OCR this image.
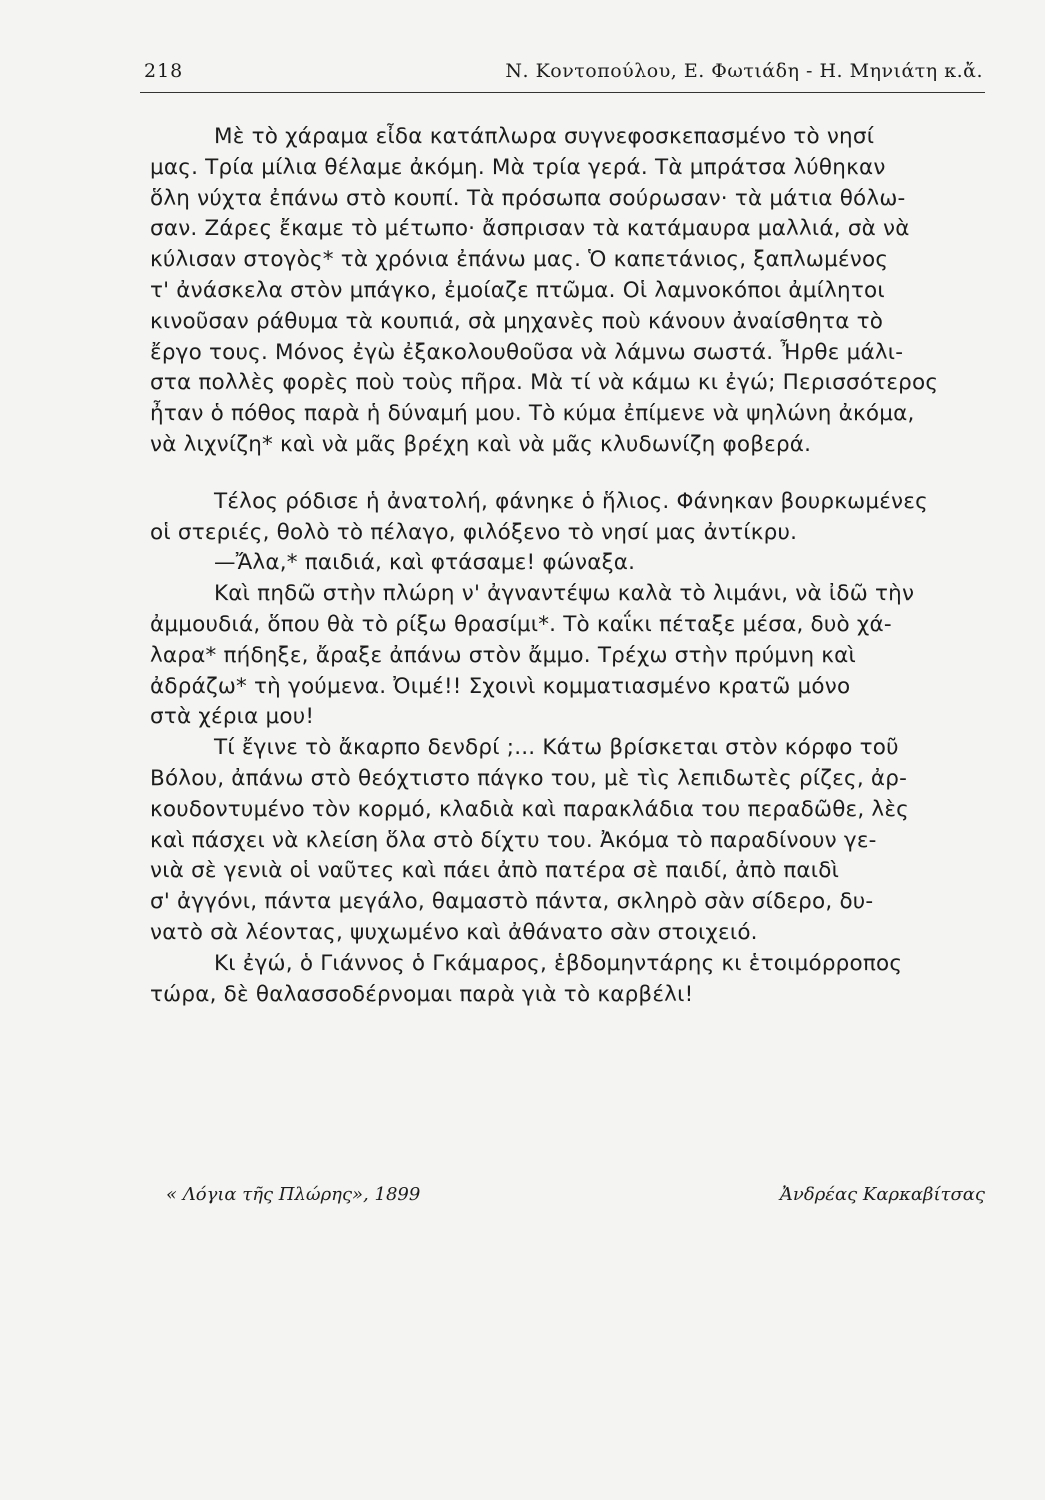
218	Ν. Κοντοπούλου, Ε. Φωτιάδη - Η. Μηνιάτη κ.ἄ.
Μὲ τὸ χάραμα εἶδα κατάπλωρα συγνεφοσκεπασμένο τὸ νησί
μας. Τρία μίλια θέλαμε ἀκόμη. Μὰ τρία γερά. Τὰ μπράτσα λύθηκαν
ὅλη νύχτα ἐπάνω στὸ κουπί. Τὰ πρόσωπα σούρωσαν· τὰ μάτια θόλω-
σαν. Ζάρες ἔκαμε τὸ μέτωπο· ἄσπρισαν τὰ κατάμαυρα μαλλιά, σὰ νὰ
κύλισαν στογὸς* τὰ χρόνια ἐπάνω μας. Ὁ καπετάνιος, ξαπλωμένος
τ' ἀνάσκελα στὸν μπάγκο, ἐμοίαζε πτῶμα. Οἱ λαμνοκόποι ἀμίλητοι
κινοῦσαν ράθυμα τὰ κουπιά, σὰ μηχανὲς ποὺ κάνουν ἀναίσθητα τὸ
ἔργο τους. Μόνος ἐγὼ ἐξακολουθοῦσα νὰ λάμνω σωστά. Ἦρθε μάλι-
στα πολλὲς φορὲς ποὺ τοὺς πῆρα. Μὰ τί νὰ κάμω κι ἐγώ; Περισσότερος
ἦταν ὁ πόθος παρὰ ἡ δύναμή μου. Τὸ κύμα ἐπίμενε νὰ ψηλώνη ἀκόμα,
νὰ λιχνίζη* καὶ νὰ μᾶς βρέχη καὶ νὰ μᾶς κλυδωνίζη φοβερά.
Τέλος ρόδισε ἡ ἀνατολή, φάνηκε ὁ ἥλιος. Φάνηκαν βουρκωμένες
οἱ στεριές, θολὸ τὸ πέλαγο, φιλόξενο τὸ νησί μας ἀντίκρυ.
—Ἄλα,* παιδιά, καὶ φτάσαμε! φώναξα.
Καὶ πηδῶ στὴν πλώρη ν' ἀγναντέψω καλὰ τὸ λιμάνι, νὰ ἰδῶ τὴν
ἀμμουδιά, ὅπου θὰ τὸ ρίξω θρασίμι*. Τὸ καΐκι πέταξε μέσα, δυὸ χά-
λαρα* πήδηξε, ἄραξε ἀπάνω στὸν ἄμμο. Τρέχω στὴν πρύμνη καὶ
ἀδράζω* τὴ γούμενα. Ὀιμέ!! Σχοινὶ κομματιασμένο κρατῶ μόνο
στὰ χέρια μου!
Τί ἔγινε τὸ ἄκαρπο δενδρί ;... Κάτω βρίσκεται στὸν κόρφο τοῦ
Βόλου, ἀπάνω στὸ θεόχτιστο πάγκο του, μὲ τὶς λεπιδωτὲς ρίζες, ἀρ-
κουδοντυμένο τὸν κορμό, κλαδιὰ καὶ παρακλάδια του περαδῶθε, λὲς
καὶ πάσχει νὰ κλείση ὅλα στὸ δίχτυ του. Ἀκόμα τὸ παραδίνουν γε-
νιὰ σὲ γενιὰ οἱ ναῦτες καὶ πάει ἀπὸ πατέρα σὲ παιδί, ἀπὸ παιδὶ
σ' ἀγγόνι, πάντα μεγάλο, θαμαστὸ πάντα, σκληρὸ σὰν σίδερο, δυ-
νατὸ σὰ λέοντας, ψυχωμένο καὶ ἀθάνατο σὰν στοιχειό.
Κι ἐγώ, ὁ Γιάννος ὁ Γκάμαρος, ἑβδομηντάρης κι ἑτοιμόρροπος
τώρα, δὲ θαλασσοδέρνομαι παρὰ γιὰ τὸ καρβέλι!
« Λόγια τῆς Πλώρης», 1899	Ἀνδρέας Καρκαβίτσας
